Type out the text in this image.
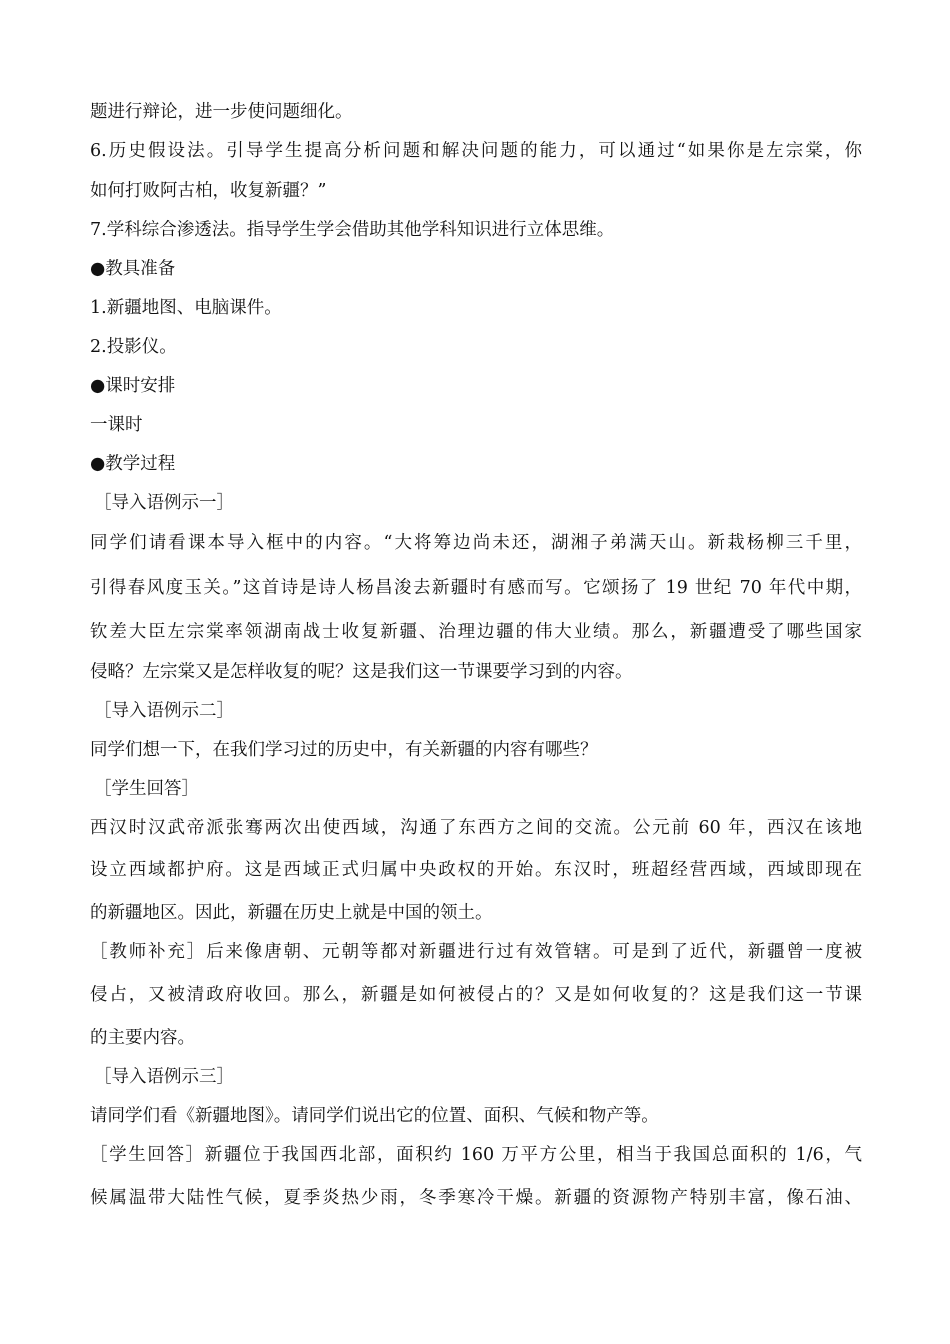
题进行辩论，进一步使问题细化。
6.历史假设法。引导学生提高分析问题和解决问题的能力，可以通过“如果你是左宗棠，你
如何打败阿古柏，收复新疆？”
7.学科综合渗透法。指导学生学会借助其他学科知识进行立体思维。
●教具准备
1.新疆地图、电脑课件。
2.投影仪。
●课时安排
一课时
●教学过程
［导入语例示一］
同学们请看课本导入框中的内容。“大将筹边尚未还，湖湘子弟满天山。新栽杨柳三千里，
引得春风度玉关。”这首诗是诗人杨昌浚去新疆时有感而写。它颂扬了 19 世纪 70 年代中期，
钦差大臣左宗棠率领湖南战士收复新疆、治理边疆的伟大业绩。那么，新疆遭受了哪些国家
侵略？左宗棠又是怎样收复的呢？这是我们这一节课要学习到的内容。
［导入语例示二］
同学们想一下，在我们学习过的历史中，有关新疆的内容有哪些？
［学生回答］
西汉时汉武帝派张骞两次出使西域，沟通了东西方之间的交流。公元前 60 年，西汉在该地
设立西域都护府。这是西域正式归属中央政权的开始。东汉时，班超经营西域，西域即现在
的新疆地区。因此，新疆在历史上就是中国的领土。
［教师补充］后来像唐朝、元朝等都对新疆进行过有效管辖。可是到了近代，新疆曾一度被
侵占，又被清政府收回。那么，新疆是如何被侵占的？又是如何收复的？这是我们这一节课
的主要内容。
［导入语例示三］
请同学们看《新疆地图》。请同学们说出它的位置、面积、气候和物产等。
［学生回答］新疆位于我国西北部，面积约 160 万平方公里，相当于我国总面积的 1/6，气
候属温带大陆性气候，夏季炎热少雨，冬季寒冷干燥。新疆的资源物产特别丰富，像石油、
